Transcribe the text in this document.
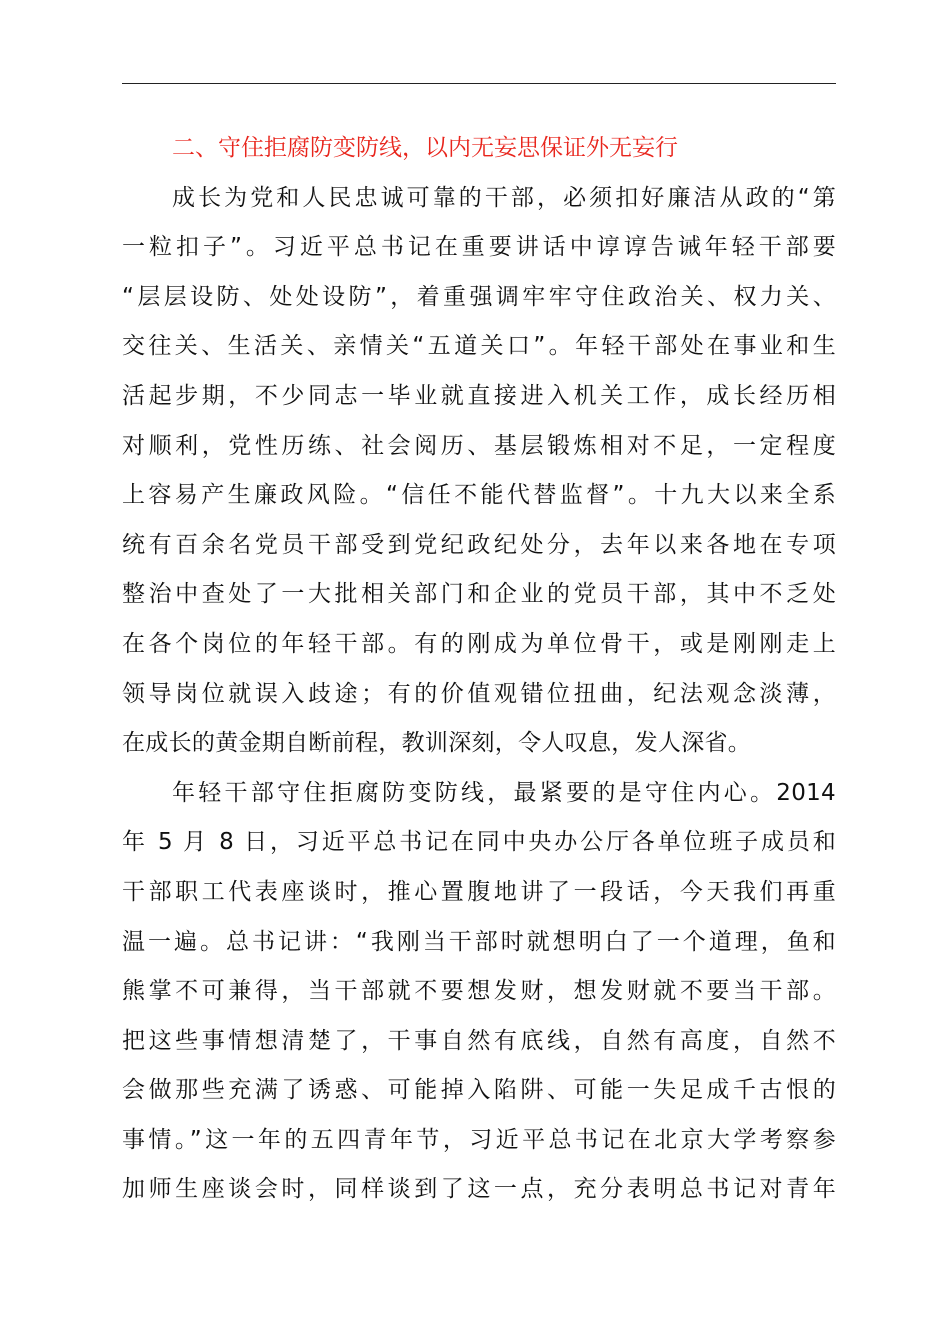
二、守住拒腐防变防线，以内无妄思保证外无妄行
成长为党和人民忠诚可靠的干部，必须扣好廉洁从政的“第
一粒扣子”。习近平总书记在重要讲话中谆谆告诫年轻干部要
“层层设防、处处设防”，着重强调牢牢守住政治关、权力关、
交往关、生活关、亲情关“五道关口”。年轻干部处在事业和生
活起步期，不少同志一毕业就直接进入机关工作，成长经历相
对顺利，党性历练、社会阅历、基层锻炼相对不足，一定程度
上容易产生廉政风险。“信任不能代替监督”。十九大以来全系
统有百余名党员干部受到党纪政纪处分，去年以来各地在专项
整治中查处了一大批相关部门和企业的党员干部，其中不乏处
在各个岗位的年轻干部。有的刚成为单位骨干，或是刚刚走上
领导岗位就误入歧途；有的价值观错位扭曲，纪法观念淡薄，
在成长的黄金期自断前程，教训深刻，令人叹息，发人深省。
年轻干部守住拒腐防变防线，最紧要的是守住内心。2014
年 5 月 8 日，习近平总书记在同中央办公厅各单位班子成员和
干部职工代表座谈时，推心置腹地讲了一段话，今天我们再重
温一遍。总书记讲：“我刚当干部时就想明白了一个道理，鱼和
熊掌不可兼得，当干部就不要想发财，想发财就不要当干部。
把这些事情想清楚了，干事自然有底线，自然有高度，自然不
会做那些充满了诱惑、可能掉入陷阱、可能一失足成千古恨的
事情。”这一年的五四青年节，习近平总书记在北京大学考察参
加师生座谈会时，同样谈到了这一点，充分表明总书记对青年
